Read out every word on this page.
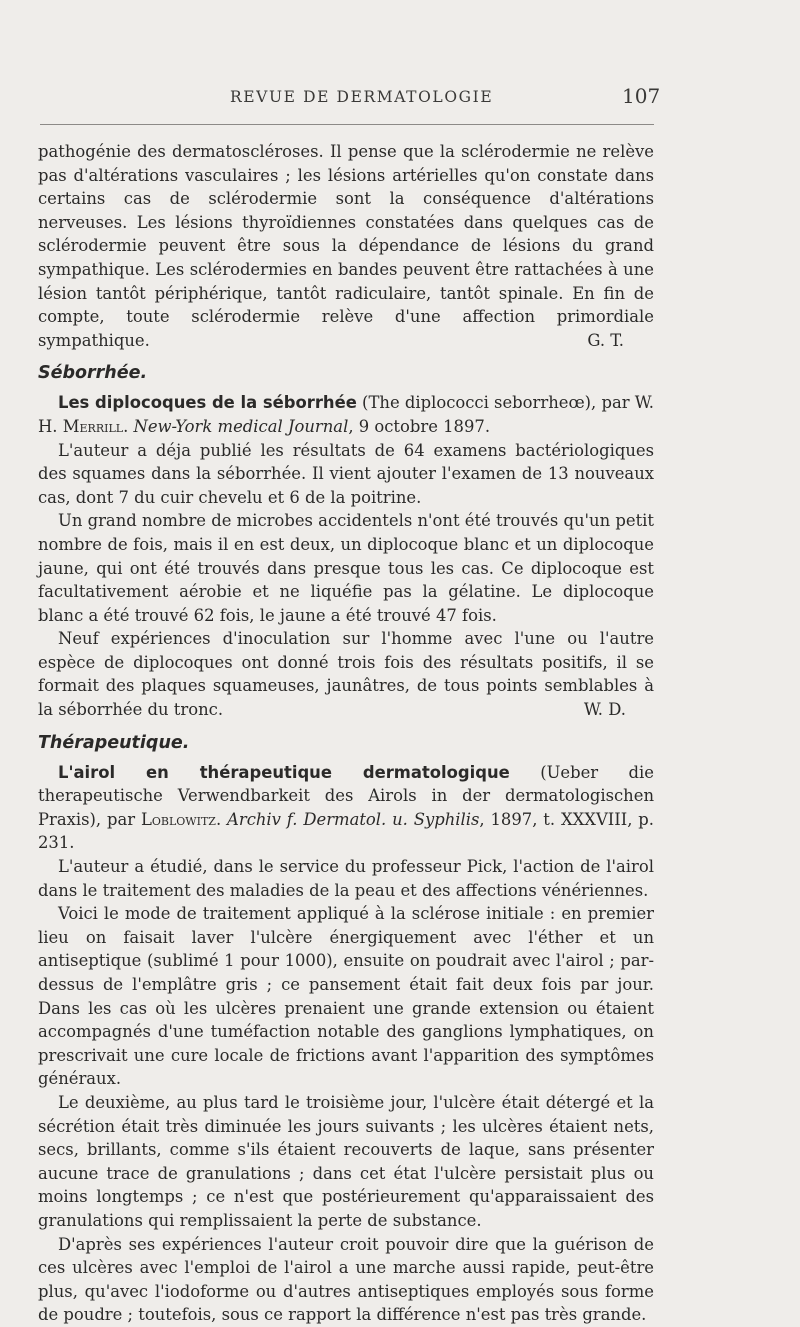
REVUE DE DERMATOLOGIE	107

pathogénie des dermatoscléroses. Il pense que la sclérodermie ne relève pas d'altérations vasculaires ; les lésions artérielles qu'on constate dans certains cas de sclérodermie sont la conséquence d'altérations nerveuses. Les lésions thyroïdiennes constatées dans quelques cas de sclérodermie peuvent être sous la dépendance de lésions du grand sympathique. Les sclérodermies en bandes peuvent être rattachées à une lésion tantôt périphérique, tantôt radiculaire, tantôt spinale. En fin de compte, toute sclérodermie relève d'une affection primordiale sympathique.	G. T.

Séborrhée.

Les diplocoques de la séborrhée (The diplococci seborrheœ), par W. H. Merrill. New-York medical Journal, 9 octobre 1897.

L'auteur a déja publié les résultats de 64 examens bactériologiques des squames dans la séborrhée. Il vient ajouter l'examen de 13 nouveaux cas, dont 7 du cuir chevelu et 6 de la poitrine.

Un grand nombre de microbes accidentels n'ont été trouvés qu'un petit nombre de fois, mais il en est deux, un diplocoque blanc et un diplocoque jaune, qui ont été trouvés dans presque tous les cas. Ce diplocoque est facultativement aérobie et ne liquéfie pas la gélatine. Le diplocoque blanc a été trouvé 62 fois, le jaune a été trouvé 47 fois.

Neuf expériences d'inoculation sur l'homme avec l'une ou l'autre espèce de diplocoques ont donné trois fois des résultats positifs, il se formait des plaques squameuses, jaunâtres, de tous points semblables à la séborrhée du tronc.	W. D.

Thérapeutique.

L'airol en thérapeutique dermatologique (Ueber die therapeutische Verwendbarkeit des Airols in der dermatologischen Praxis), par Loblowitz. Archiv f. Dermatol. u. Syphilis, 1897, t. XXXVIII, p. 231.

L'auteur a étudié, dans le service du professeur Pick, l'action de l'airol dans le traitement des maladies de la peau et des affections vénériennes.

Voici le mode de traitement appliqué à la sclérose initiale : en premier lieu on faisait laver l'ulcère énergiquement avec l'éther et un antiseptique (sublimé 1 pour 1000), ensuite on poudrait avec l'airol ; par-dessus de l'emplâtre gris ; ce pansement était fait deux fois par jour. Dans les cas où les ulcères prenaient une grande extension ou étaient accompagnés d'une tuméfaction notable des ganglions lymphatiques, on prescrivait une cure locale de frictions avant l'apparition des symptômes généraux.

Le deuxième, au plus tard le troisième jour, l'ulcère était détergé et la sécrétion était très diminuée les jours suivants ; les ulcères étaient nets, secs, brillants, comme s'ils étaient recouverts de laque, sans présenter aucune trace de granulations ; dans cet état l'ulcère persistait plus ou moins longtemps ; ce n'est que postérieurement qu'apparaissaient des granulations qui remplissaient la perte de substance.

D'après ses expériences l'auteur croit pouvoir dire que la guérison de ces ulcères avec l'emploi de l'airol a une marche aussi rapide, peut-être plus, qu'avec l'iodoforme ou d'autres antiseptiques employés sous forme de poudre ; toutefois, sous ce rapport la différence n'est pas très grande.
